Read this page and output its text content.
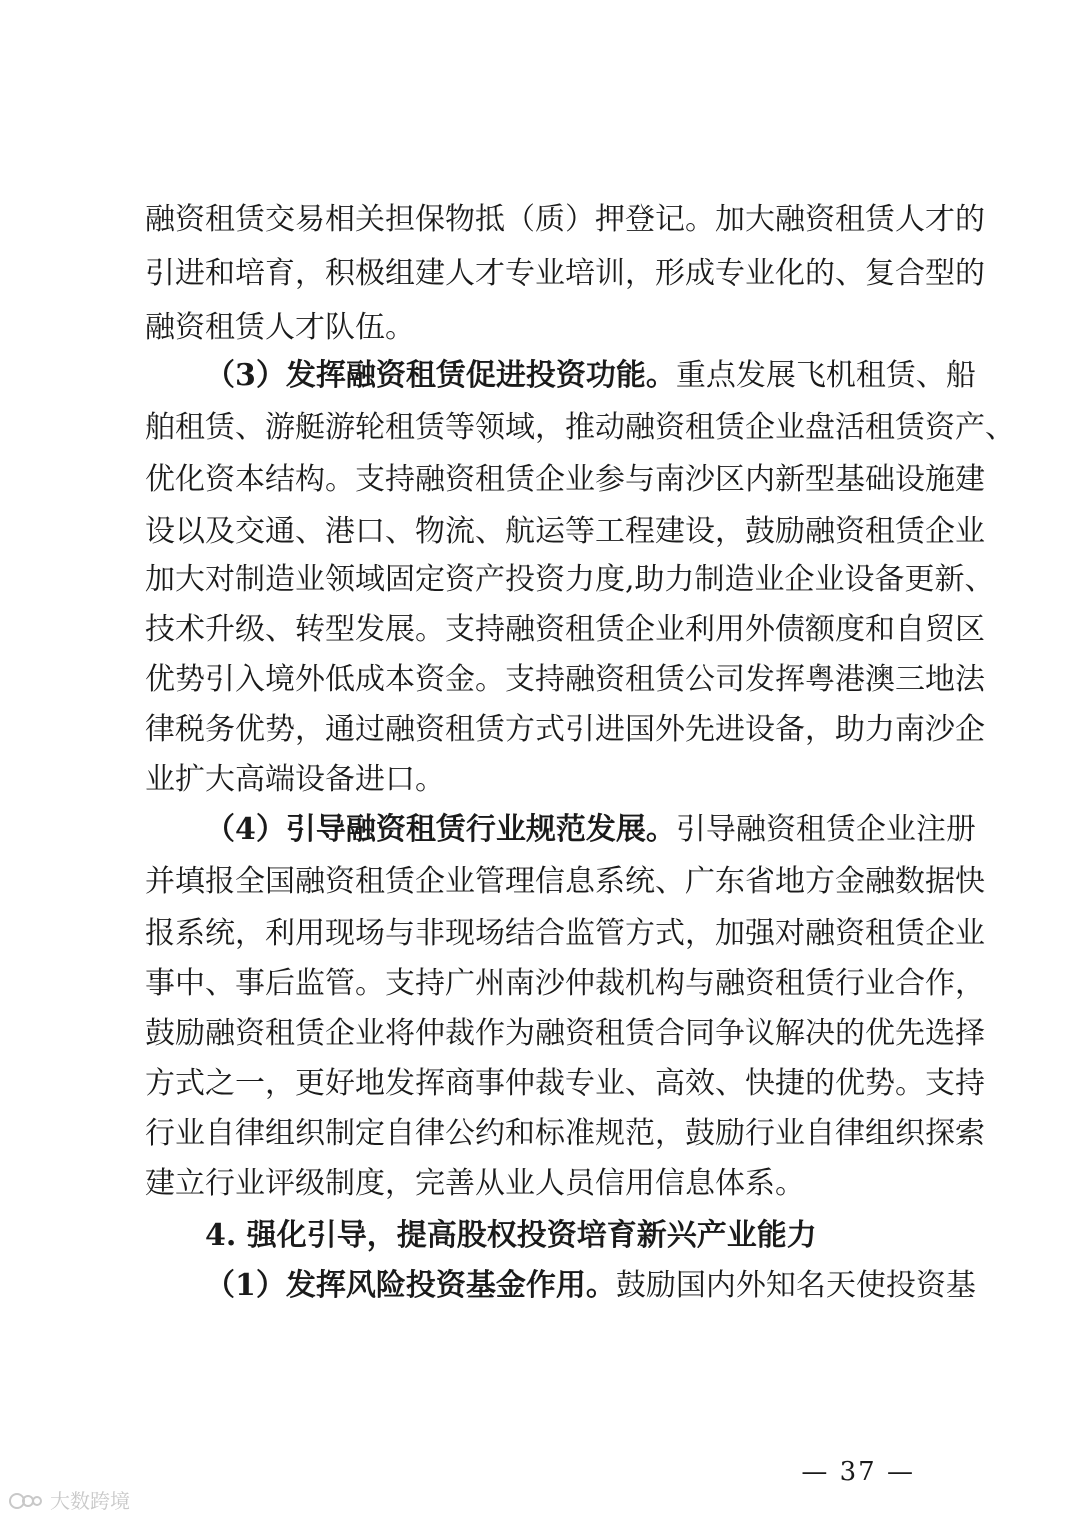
融资租赁交易相关担保物抵（质）押登记。加大融资租赁人才的
引进和培育，积极组建人才专业培训，形成专业化的、复合型的
融资租赁人才队伍。
（3）发挥融资租赁促进投资功能。重点发展飞机租赁、船
舶租赁、游艇游轮租赁等领域，推动融资租赁企业盘活租赁资产、
优化资本结构。支持融资租赁企业参与南沙区内新型基础设施建
设以及交通、港口、物流、航运等工程建设，鼓励融资租赁企业
加大对制造业领域固定资产投资力度,助力制造业企业设备更新、
技术升级、转型发展。支持融资租赁企业利用外债额度和自贸区
优势引入境外低成本资金。支持融资租赁公司发挥粤港澳三地法
律税务优势，通过融资租赁方式引进国外先进设备，助力南沙企
业扩大高端设备进口。
（4）引导融资租赁行业规范发展。引导融资租赁企业注册
并填报全国融资租赁企业管理信息系统、广东省地方金融数据快
报系统，利用现场与非现场结合监管方式，加强对融资租赁企业
事中、事后监管。支持广州南沙仲裁机构与融资租赁行业合作，
鼓励融资租赁企业将仲裁作为融资租赁合同争议解决的优先选择
方式之一，更好地发挥商事仲裁专业、高效、快捷的优势。支持
行业自律组织制定自律公约和标准规范，鼓励行业自律组织探索
建立行业评级制度，完善从业人员信用信息体系。
4. 强化引导，提高股权投资培育新兴产业能力
（1）发挥风险投资基金作用。鼓励国内外知名天使投资基
— 37 —
大数跨境
